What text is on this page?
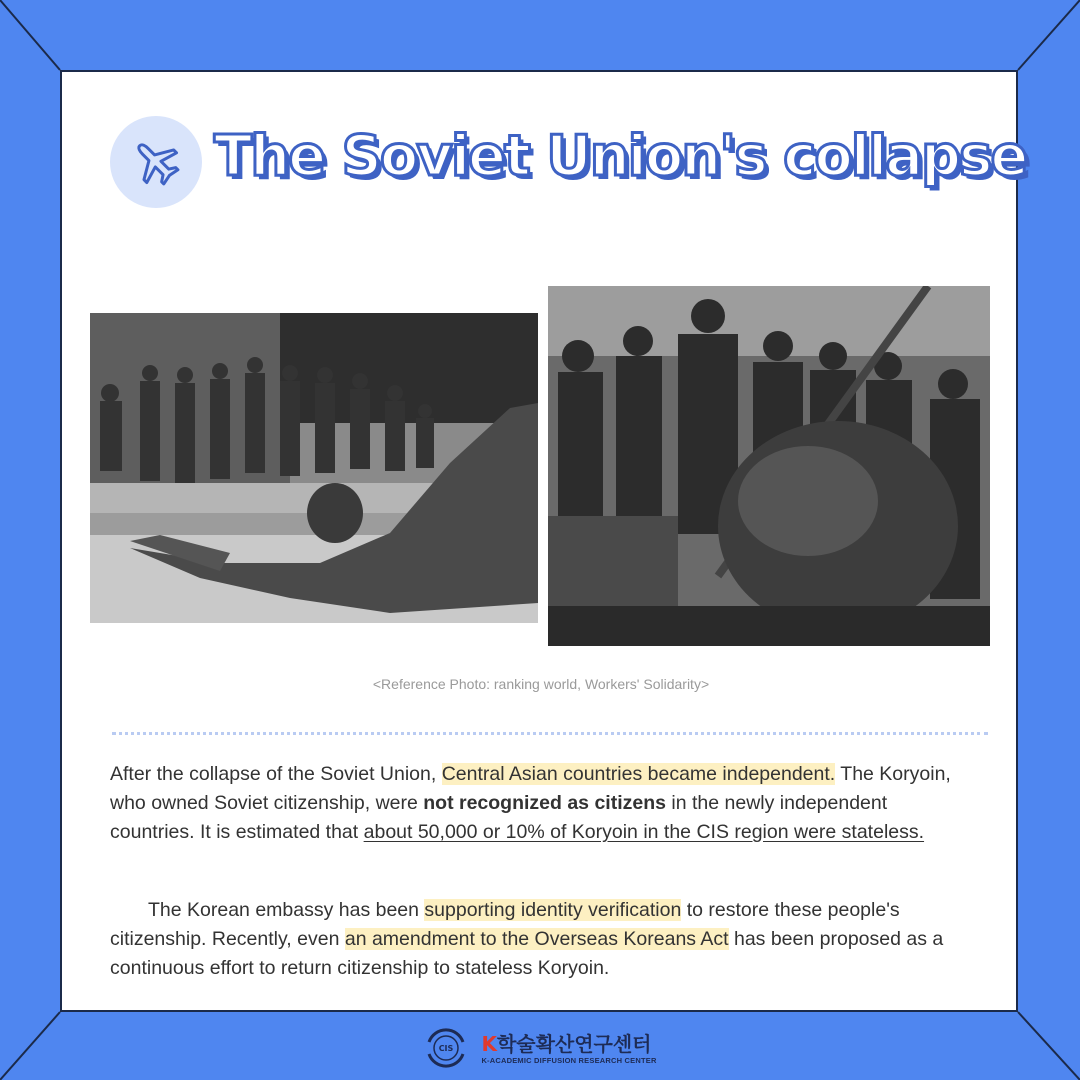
The Soviet Union's collapse
<Reference Photo: ranking world, Workers' Solidarity>

After the collapse of the Soviet Union, Central Asian countries became independent. The Koryoin, who owned Soviet citizenship, were not recognized as citizens in the newly independent countries. It is estimated that about 50,000 or 10% of Koryoin in the CIS region were stateless.

The Korean embassy has been supporting identity verification to restore these people's citizenship. Recently, even an amendment to the Overseas Koreans Act has been proposed as a continuous effort to return citizenship to stateless Koryoin.

CIS K학술확산연구센터
K-ACADEMIC DIFFUSION RESEARCH CENTER
